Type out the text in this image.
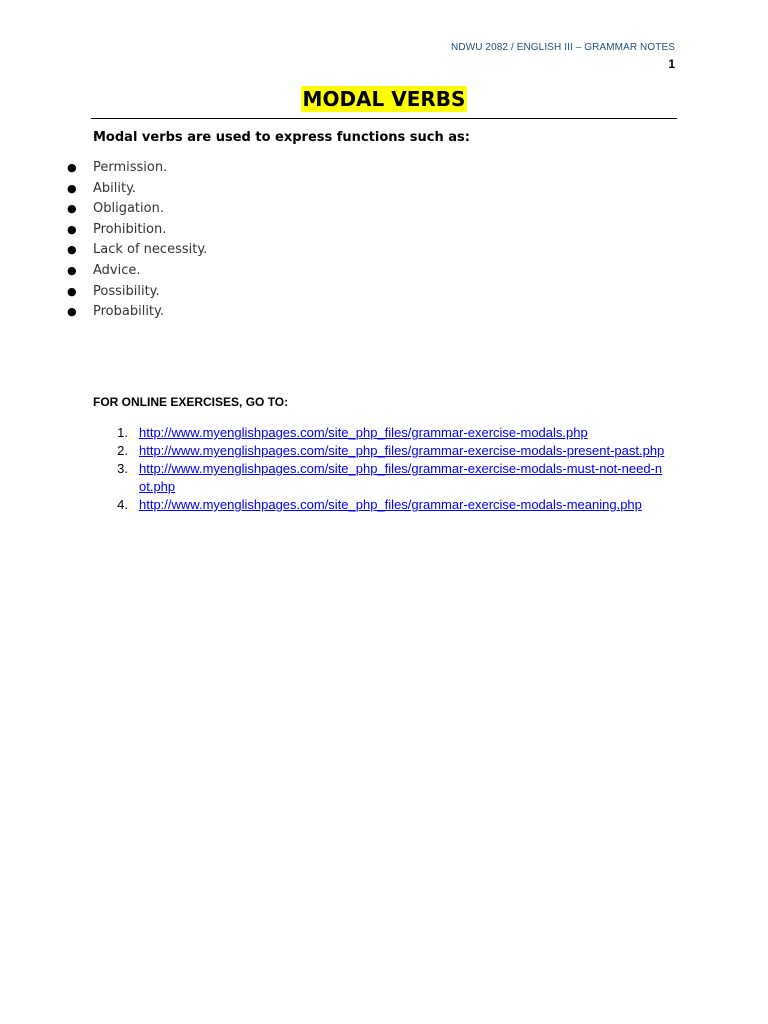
NDWU 2082 / ENGLISH III – GRAMMAR NOTES
1
MODAL VERBS
Modal verbs are used to express functions such as:
● Permission.
● Ability.
● Obligation.
● Prohibition.
● Lack of necessity.
● Advice.
● Possibility.
● Probability.
FOR ONLINE EXERCISES, GO TO:
1. http://www.myenglishpages.com/site_php_files/grammar-exercise-modals.php
2. http://www.myenglishpages.com/site_php_files/grammar-exercise-modals-present-past.php
3. http://www.myenglishpages.com/site_php_files/grammar-exercise-modals-must-not-need-not.php
4. http://www.myenglishpages.com/site_php_files/grammar-exercise-modals-meaning.php
